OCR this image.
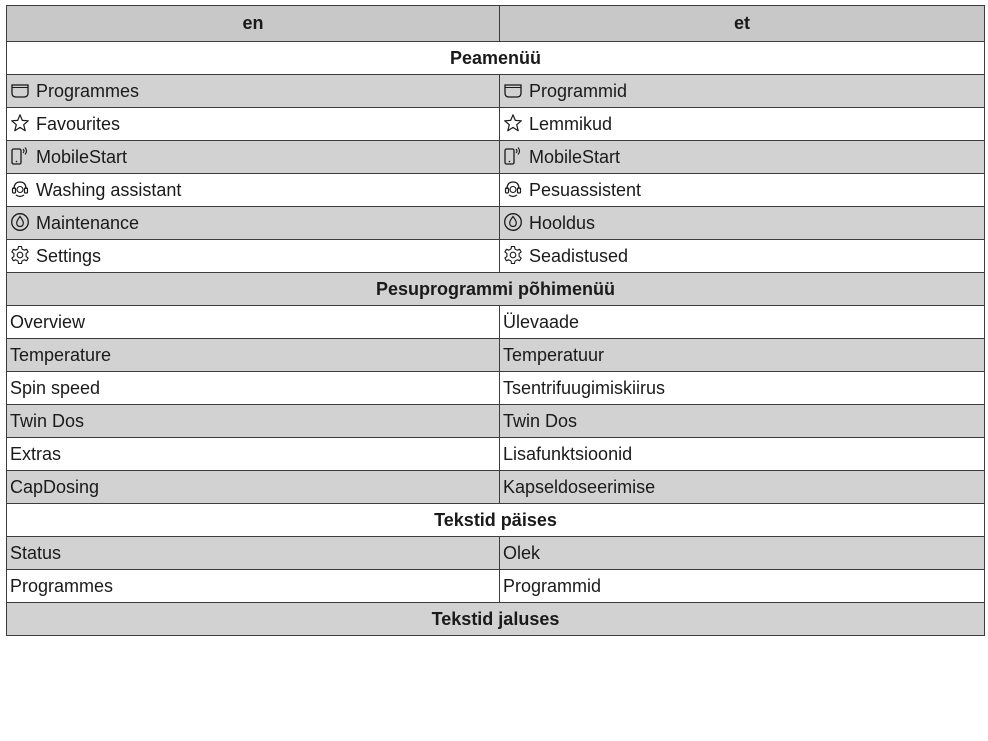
en	et
Peamenüü	

Programmes	Programmid

Favourites	Lemmikud

MobileStart	MobileStart

Washing assistant	Pesuassistent

Maintenance	Hooldus

Settings	Seadistused
Pesuprogrammi põhimenüü	
Overview	Ülevaade
Temperature	Temperatuur
Spin speed	Tsentrifuugimiskiirus
Twin Dos	Twin Dos
Extras	Lisafunktsioonid
CapDosing	Kapseldoseerimise
Tekstid päises	
Status	Olek
Programmes	Programmid
Tekstid jaluses	
